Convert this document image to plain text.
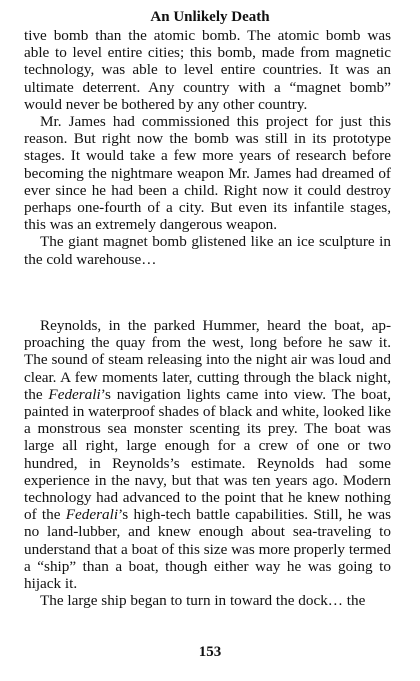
An Unlikely Death

tive bomb than the atomic bomb. The atomic bomb was able to level entire cities; this bomb, made from magnetic technology, was able to level entire countries. It was an ultimate deterrent. Any country with a “magnet bomb” would never be bothered by any other country.

Mr. James had commissioned this project for just this reason. But right now the bomb was still in its prototype stages. It would take a few more years of research before becoming the nightmare weapon Mr. James had dreamed of ever since he had been a child. Right now it could destroy perhaps one-fourth of a city. But even its infantile stages, this was an extremely dangerous weapon.

The giant magnet bomb glistened like an ice sculpture in the cold warehouse…

Reynolds, in the parked Hummer, heard the boat, approaching the quay from the west, long before he saw it. The sound of steam releasing into the night air was loud and clear. A few moments later, cutting through the black night, the Federali’s navigation lights came into view. The boat, painted in waterproof shades of black and white, looked like a monstrous sea monster scenting its prey. The boat was large all right, large enough for a crew of one or two hundred, in Reynolds’s estimate. Reynolds had some experience in the navy, but that was ten years ago. Modern technology had advanced to the point that he knew nothing of the Federali’s high-tech battle capabilities. Still, he was no land-lubber, and knew enough about sea-traveling to understand that a boat of this size was more properly termed a “ship” than a boat, though either way he was going to hijack it.

The large ship began to turn in toward the dock… the

153
